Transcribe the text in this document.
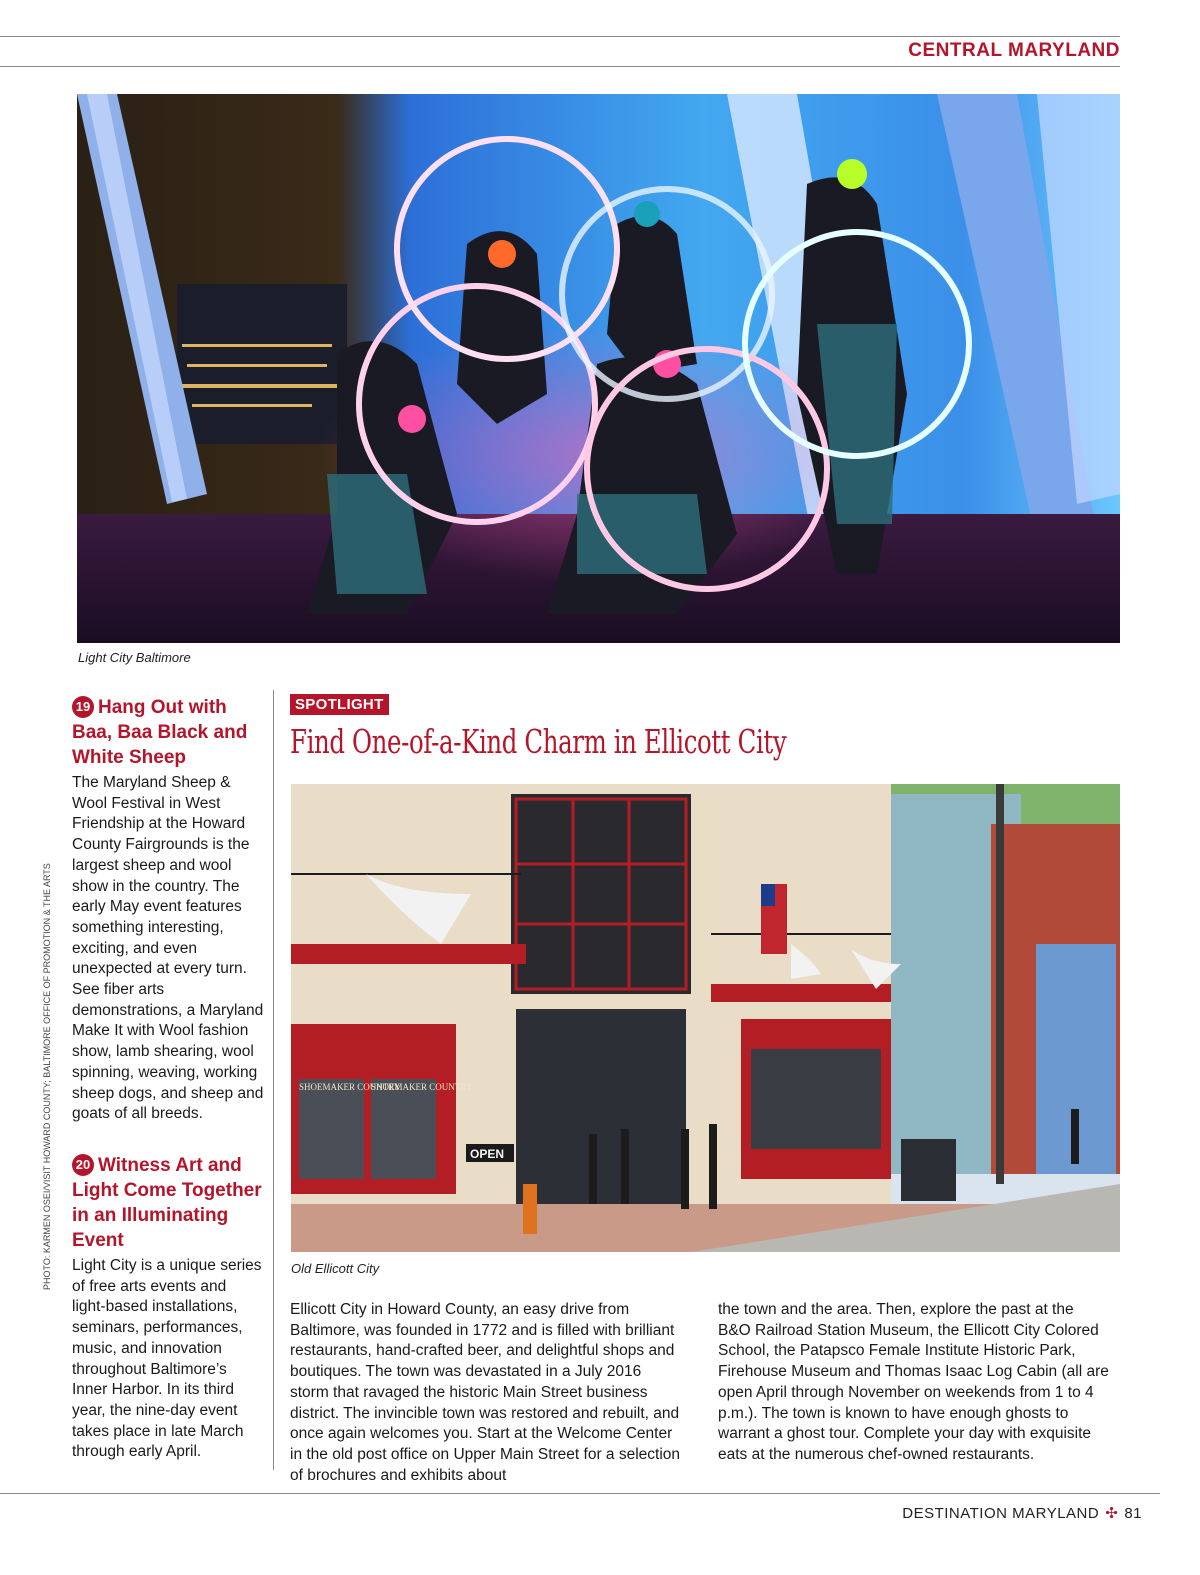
CENTRAL MARYLAND
Light City Baltimore
19 Hang Out with Baa, Baa Black and White Sheep

The Maryland Sheep & Wool Festival in West Friendship at the Howard County Fairgrounds is the largest sheep and wool show in the country. The early May event features something interesting, exciting, and even unexpected at every turn. See fiber arts demonstrations, a Maryland Make It with Wool fashion show, lamb shearing, wool spinning, weaving, working sheep dogs, and sheep and goats of all breeds.

20 Witness Art and Light Come Together in an Illuminating Event

Light City is a unique series of free arts events and light-based installations, seminars, performances, music, and innovation throughout Baltimore’s Inner Harbor. In its third year, the nine-day event takes place in late March through early April.

PHOTO: KARMEN OSEI/VISIT HOWARD COUNTY; BALTIMORE OFFICE OF PROMOTION & THE ARTS
SPOTLIGHT
Find One-of-a-Kind Charm in Ellicott City
SHOEMAKER COUNTRY
SHOEMAKER COUNTRY
OPEN
Old Ellicott City

Ellicott City in Howard County, an easy drive from Baltimore, was founded in 1772 and is filled with brilliant restaurants, hand-crafted beer, and delightful shops and boutiques. The town was devastated in a July 2016 storm that ravaged the historic Main Street business district. The invincible town was restored and rebuilt, and once again welcomes you. Start at the Welcome Center in the old post office on Upper Main Street for a selection of brochures and exhibits about

the town and the area. Then, explore the past at the B&O Railroad Station Museum, the Ellicott City Colored School, the Patapsco Female Institute Historic Park, Firehouse Museum and Thomas Isaac Log Cabin (all are open April through November on weekends from 1 to 4 p.m.). The town is known to have enough ghosts to warrant a ghost tour. Complete your day with exquisite eats at the numerous chef-owned restaurants.

DESTINATION MARYLAND ✣ 81
